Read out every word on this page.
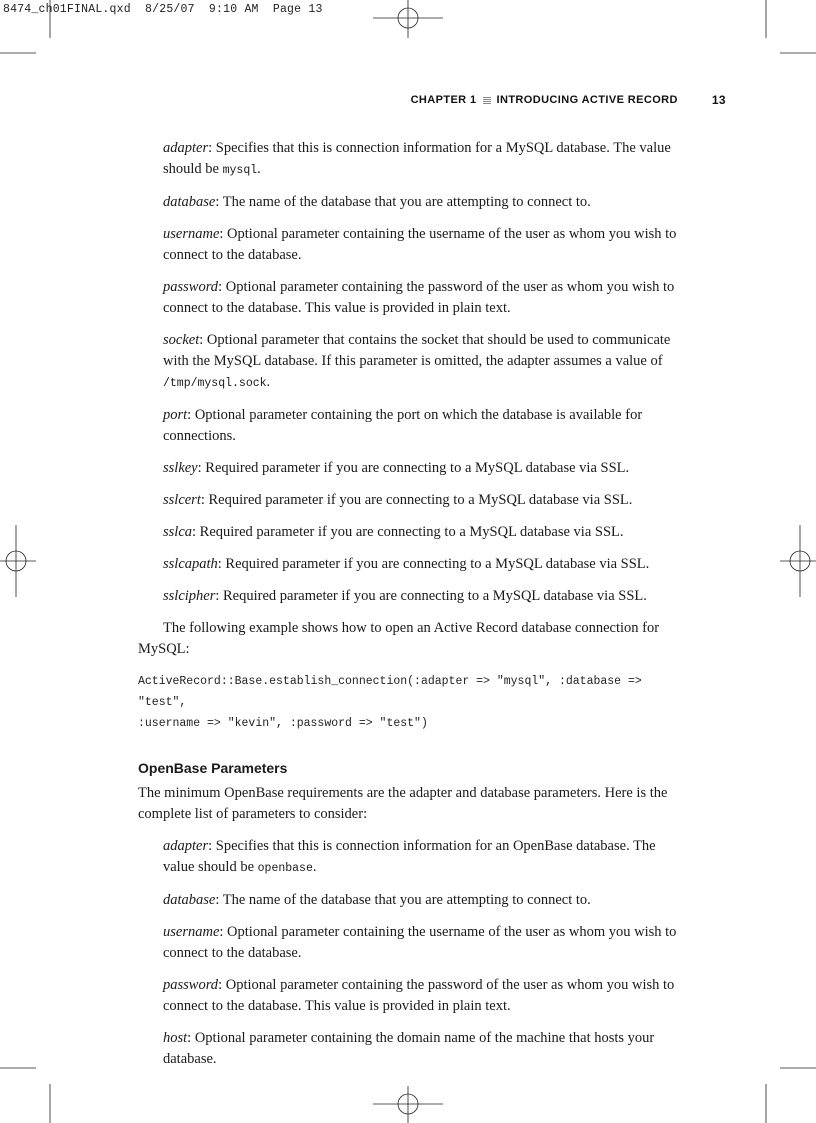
8474_ch01FINAL.qxd  8/25/07  9:10 AM  Page 13
CHAPTER 1 INTRODUCING ACTIVE RECORD	13

adapter: Specifies that this is connection information for a MySQL database. The value should be mysql.

database: The name of the database that you are attempting to connect to.

username: Optional parameter containing the username of the user as whom you wish to connect to the database.

password: Optional parameter containing the password of the user as whom you wish to connect to the database. This value is provided in plain text.

socket: Optional parameter that contains the socket that should be used to communicate with the MySQL database. If this parameter is omitted, the adapter assumes a value of /tmp/mysql.sock.

port: Optional parameter containing the port on which the database is available for connections.

sslkey: Required parameter if you are connecting to a MySQL database via SSL.

sslcert: Required parameter if you are connecting to a MySQL database via SSL.

sslca: Required parameter if you are connecting to a MySQL database via SSL.

sslcapath: Required parameter if you are connecting to a MySQL database via SSL.

sslcipher: Required parameter if you are connecting to a MySQL database via SSL.

The following example shows how to open an Active Record database connection for MySQL:

ActiveRecord::Base.establish_connection(:adapter => "mysql", :database => "test",
:username => "kevin", :password => "test")
OpenBase Parameters

The minimum OpenBase requirements are the adapter and database parameters. Here is the complete list of parameters to consider:

adapter: Specifies that this is connection information for an OpenBase database. The value should be openbase.

database: The name of the database that you are attempting to connect to.

username: Optional parameter containing the username of the user as whom you wish to connect to the database.

password: Optional parameter containing the password of the user as whom you wish to connect to the database. This value is provided in plain text.

host: Optional parameter containing the domain name of the machine that hosts your database.
